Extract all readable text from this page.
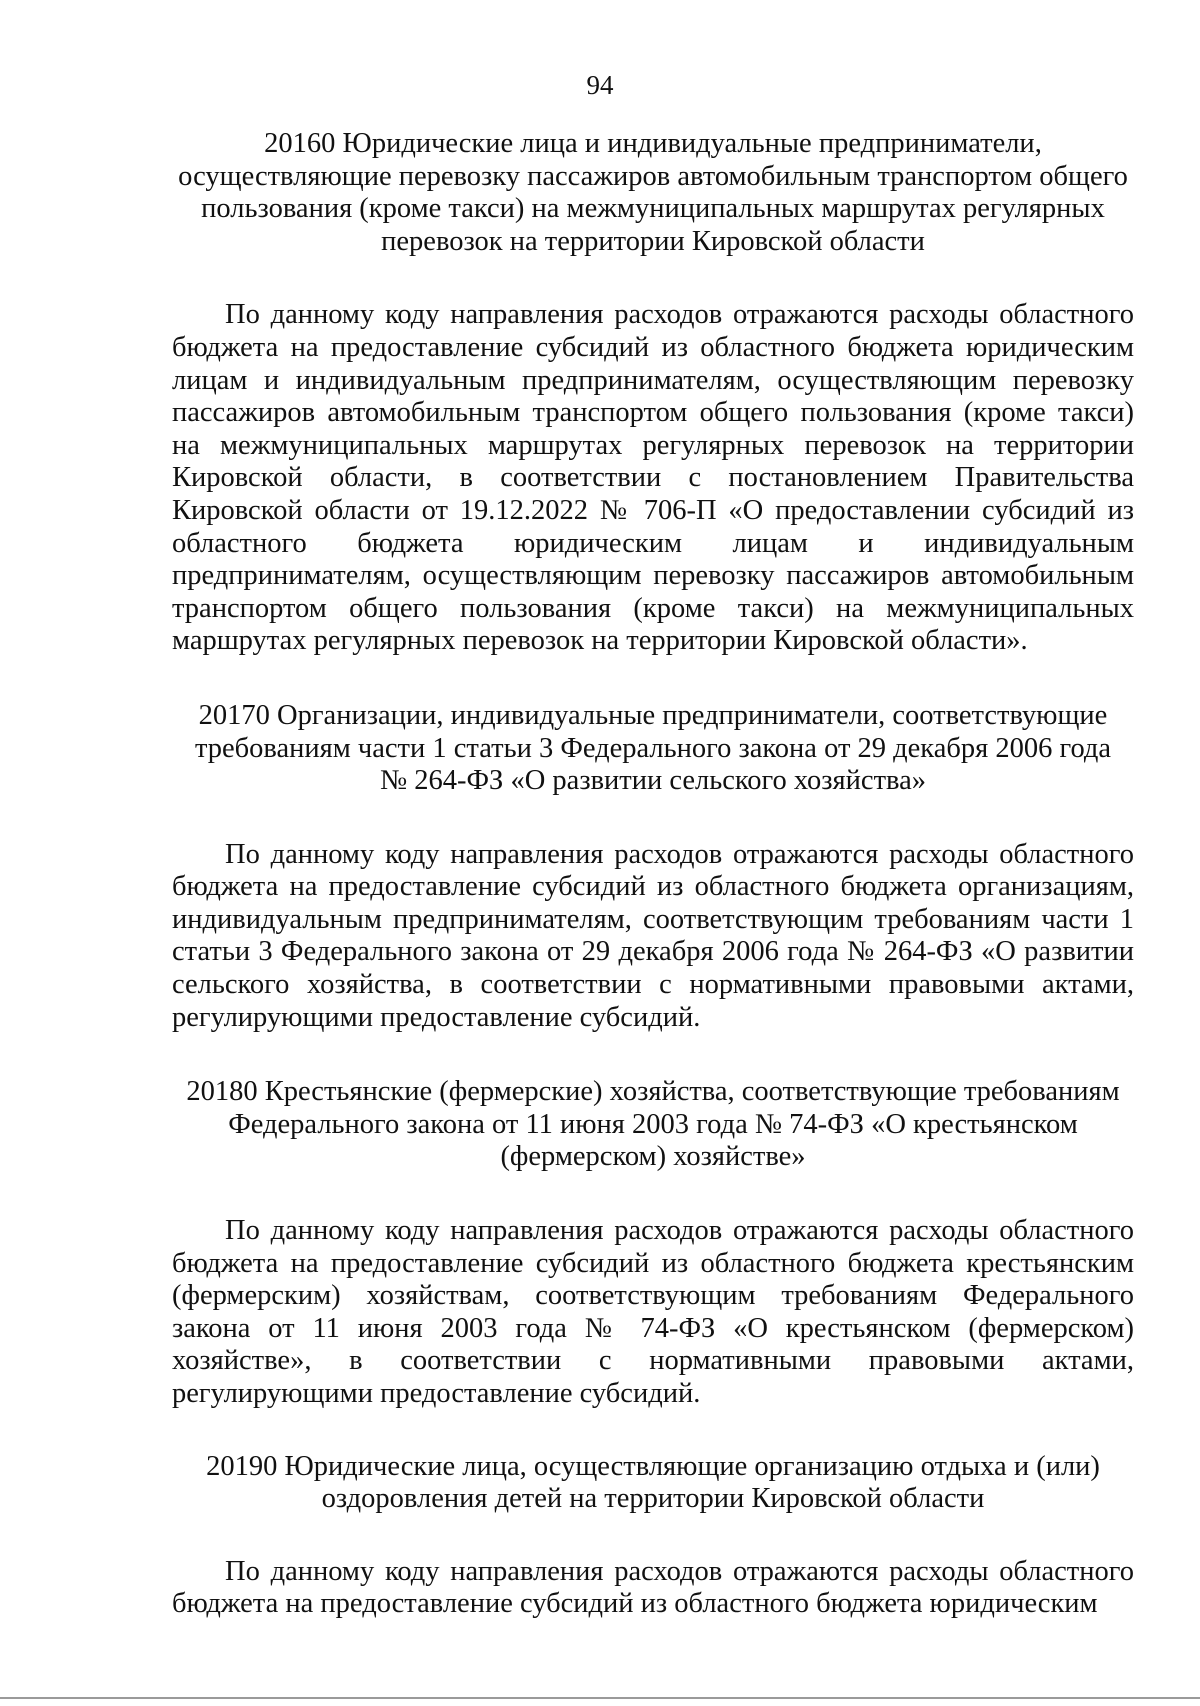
94
20160 Юридические лица и индивидуальные предприниматели,
осуществляющие перевозку пассажиров автомобильным транспортом общего
пользования (кроме такси) на межмуниципальных маршрутах регулярных
перевозок на территории Кировской области

По данному коду направления расходов отражаются расходы областного бюджета на предоставление субсидий из областного бюджета юридическим лицам и индивидуальным предпринимателям, осуществляющим перевозку пассажиров автомобильным транспортом общего пользования (кроме такси) на межмуниципальных маршрутах регулярных перевозок на территории Кировской области, в соответствии с постановлением Правительства Кировской области от 19.12.2022 № 706-П «О предоставлении субсидий из областного бюджета юридическим лицам и индивидуальным предпринимателям, осуществляющим перевозку пассажиров автомобильным транспортом общего пользования (кроме такси) на межмуниципальных маршрутах регулярных перевозок на территории Кировской области».

20170 Организации, индивидуальные предприниматели, соответствующие
требованиям части 1 статьи 3 Федерального закона от 29 декабря 2006 года
№ 264-ФЗ «О развитии сельского хозяйства»

По данному коду направления расходов отражаются расходы областного бюджета на предоставление субсидий из областного бюджета организациям, индивидуальным предпринимателям, соответствующим требованиям части 1 статьи 3 Федерального закона от 29 декабря 2006 года № 264-ФЗ «О развитии сельского хозяйства, в соответствии с нормативными правовыми актами, регулирующими предоставление субсидий.

20180 Крестьянские (фермерские) хозяйства, соответствующие требованиям
Федерального закона от 11 июня 2003 года № 74-ФЗ «О крестьянском
(фермерском) хозяйстве»

По данному коду направления расходов отражаются расходы областного бюджета на предоставление субсидий из областного бюджета крестьянским (фермерским) хозяйствам, соответствующим требованиям Федерального закона от 11 июня 2003 года № 74-ФЗ «О крестьянском (фермерском) хозяйстве», в соответствии с нормативными правовыми актами, регулирующими предоставление субсидий.

20190 Юридические лица, осуществляющие организацию отдыха и (или)
оздоровления детей на территории Кировской области

По данному коду направления расходов отражаются расходы областного бюджета на предоставление субсидий из областного бюджета юридическим
